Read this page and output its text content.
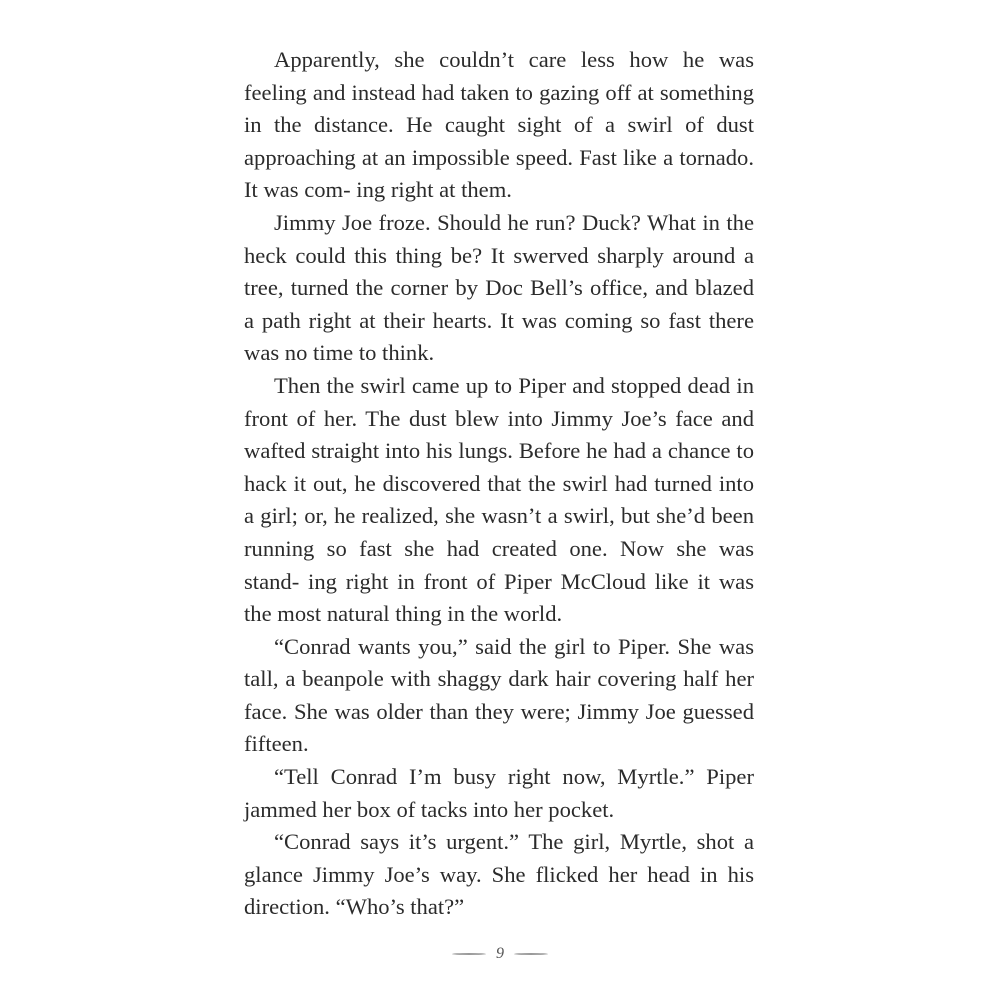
Apparently, she couldn’t care less how he was feeling and instead had taken to gazing off at something in the distance. He caught sight of a swirl of dust approaching at an impossible speed. Fast like a tornado. It was com- ing right at them.

Jimmy Joe froze. Should he run? Duck? What in the heck could this thing be? It swerved sharply around a tree, turned the corner by Doc Bell’s office, and blazed a path right at their hearts. It was coming so fast there was no time to think.

Then the swirl came up to Piper and stopped dead in front of her. The dust blew into Jimmy Joe’s face and wafted straight into his lungs. Before he had a chance to hack it out, he discovered that the swirl had turned into a girl; or, he realized, she wasn’t a swirl, but she’d been running so fast she had created one. Now she was stand- ing right in front of Piper McCloud like it was the most natural thing in the world.

“Conrad wants you,” said the girl to Piper. She was tall, a beanpole with shaggy dark hair covering half her face. She was older than they were; Jimmy Joe guessed fifteen.

“Tell Conrad I’m busy right now, Myrtle.” Piper jammed her box of tacks into her pocket.

“Conrad says it’s urgent.” The girl, Myrtle, shot a glance Jimmy Joe’s way. She flicked her head in his direction. “Who’s that?”

9
